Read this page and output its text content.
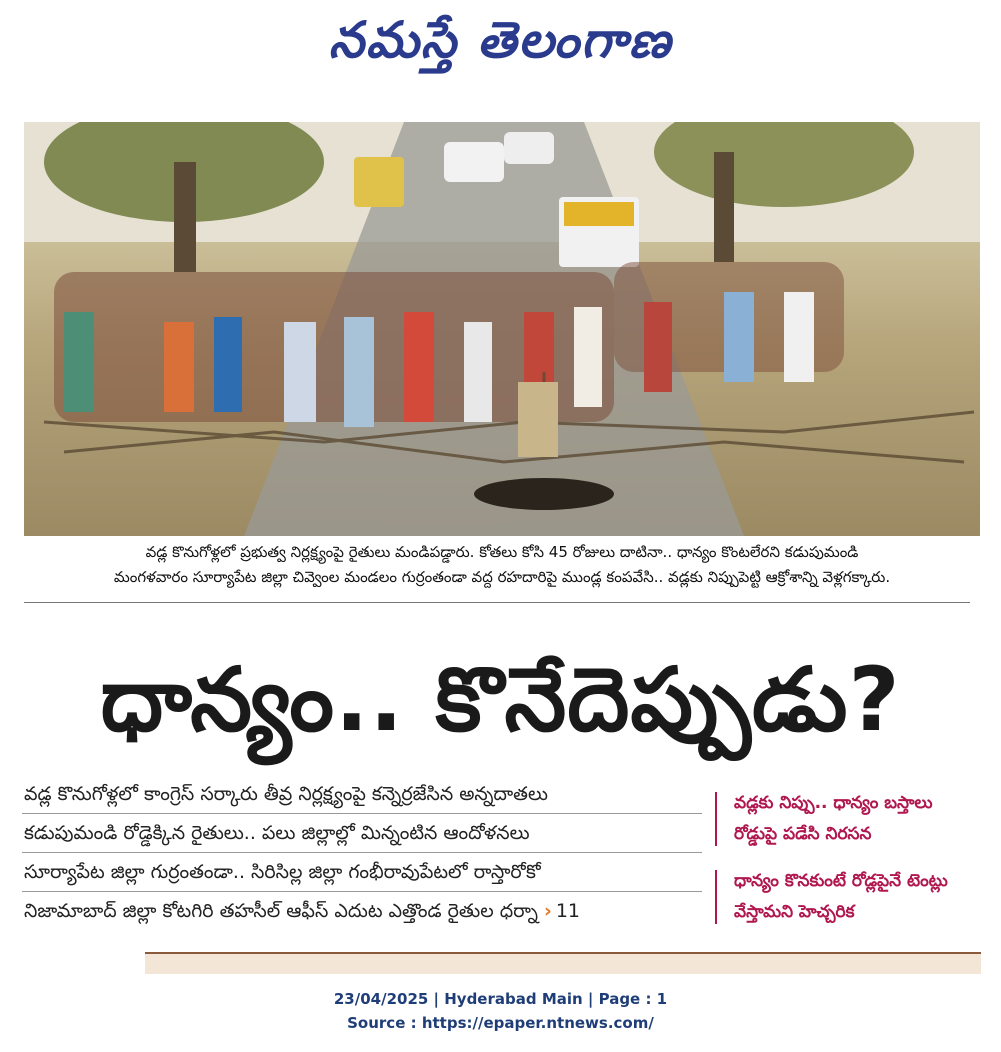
నమస్తే తెలంగాణ
వడ్ల కొనుగోళ్లలో ప్రభుత్వ నిర్లక్ష్యంపై రైతులు మండిపడ్డారు. కోతలు కోసి 45 రోజులు దాటినా.. ధాన్యం కొంటలేరని కడుపుమండి
మంగళవారం సూర్యాపేట జిల్లా చివ్వెంల మండలం గుర్రంతండా వద్ద రహదారిపై ముండ్ల కంపవేసి.. వడ్లకు నిప్పుపెట్టి ఆక్రోశాన్ని వెళ్లగక్కారు.
ధాన్యం.. కొనేదెప్పుడు?
వడ్ల కొనుగోళ్లలో కాంగ్రెస్ సర్కారు తీవ్ర నిర్లక్ష్యంపై కన్నెర్రజేసిన అన్నదాతలు
కడుపుమండి రోడ్డెక్కిన రైతులు.. పలు జిల్లాల్లో మిన్నంటిన ఆందోళనలు
సూర్యాపేట జిల్లా గుర్రంతండా.. సిరిసిల్ల జిల్లా గంభీరావుపేటలో రాస్తారోకో
నిజామాబాద్ జిల్లా కోటగిరి తహసీల్ ఆఫీస్ ఎదుట ఎత్తొండ రైతుల ధర్నా › 11
వడ్లకు నిప్పు.. ధాన్యం బస్తాలు రోడ్డుపై పడేసి నిరసన
ధాన్యం కొనకుంటే రోడ్లపైనే టెంట్లు వేస్తామని హెచ్చరిక
23/04/2025 | Hyderabad Main | Page : 1
Source : https://epaper.ntnews.com/
